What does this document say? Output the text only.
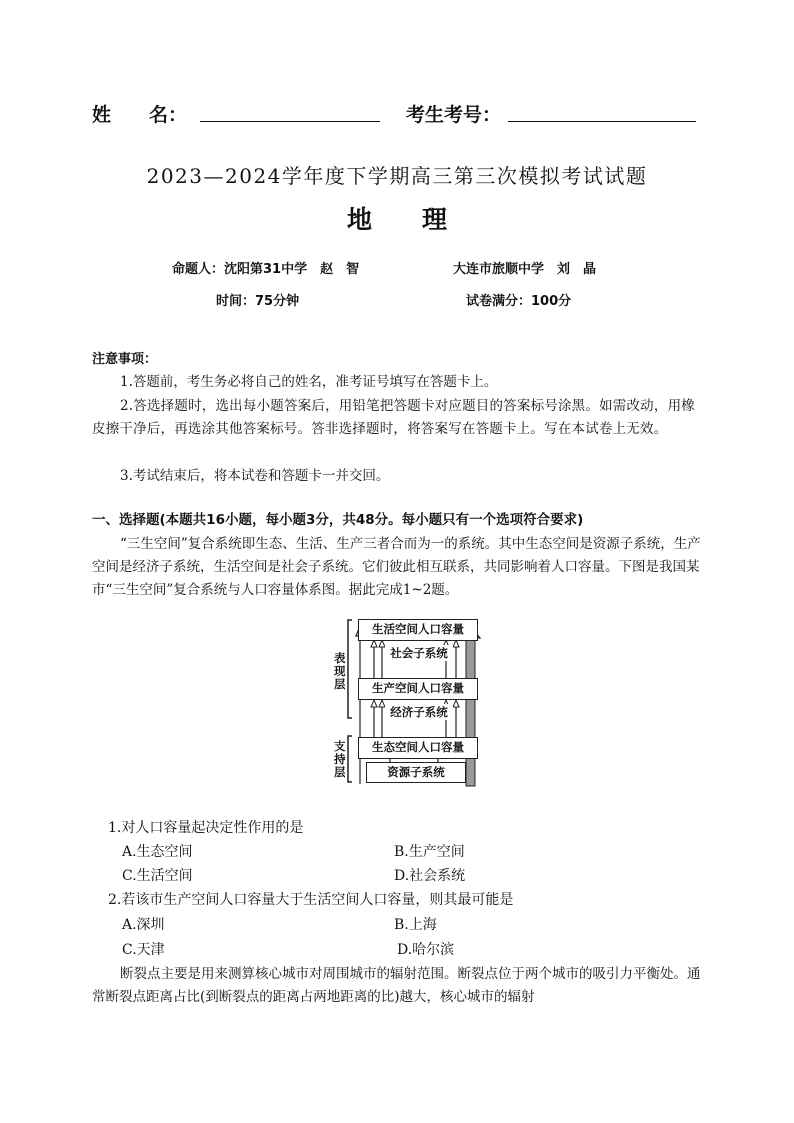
姓　　名：	考生考号：
2023—2024学年度下学期高三第三次模拟考试试题
地　　理
命题人：沈阳第31中学　赵　智	大连市旅顺中学　刘　晶
时间：75分钟	试卷满分：100分
注意事项：
1.答题前，考生务必将自己的姓名，准考证号填写在答题卡上。
2.答选择题时，选出每小题答案后，用铅笔把答题卡对应题目的答案标号涂黑。如需改动，用橡皮擦干净后，再选涂其他答案标号。答非选择题时，将答案写在答题卡上。写在本试卷上无效。
3.考试结束后，将本试卷和答题卡一并交回。
一、选择题(本题共16小题，每小题3分，共48分。每小题只有一个选项符合要求)
“三生空间”复合系统即生态、生活、生产三者合而为一的系统。其中生态空间是资源子系统，生产空间是经济子系统，生活空间是社会子系统。它们彼此相互联系，共同影响着人口容量。下图是我国某市“三生空间”复合系统与人口容量体系图。据此完成1~2题。
表现层
支持层
生活空间人口容量
社会子系统
生产空间人口容量
经济子系统
生态空间人口容量
资源子系统
1.对人口容量起决定性作用的是
A.生态空间	B.生产空间
C.生活空间	D.社会系统
2.若该市生产空间人口容量大于生活空间人口容量，则其最可能是
A.深圳	B.上海
C.天津	D.哈尔滨
断裂点主要是用来测算核心城市对周围城市的辐射范围。断裂点位于两个城市的吸引力平衡处。通常断裂点距离占比(到断裂点的距离占两地距离的比)越大，核心城市的辐射
